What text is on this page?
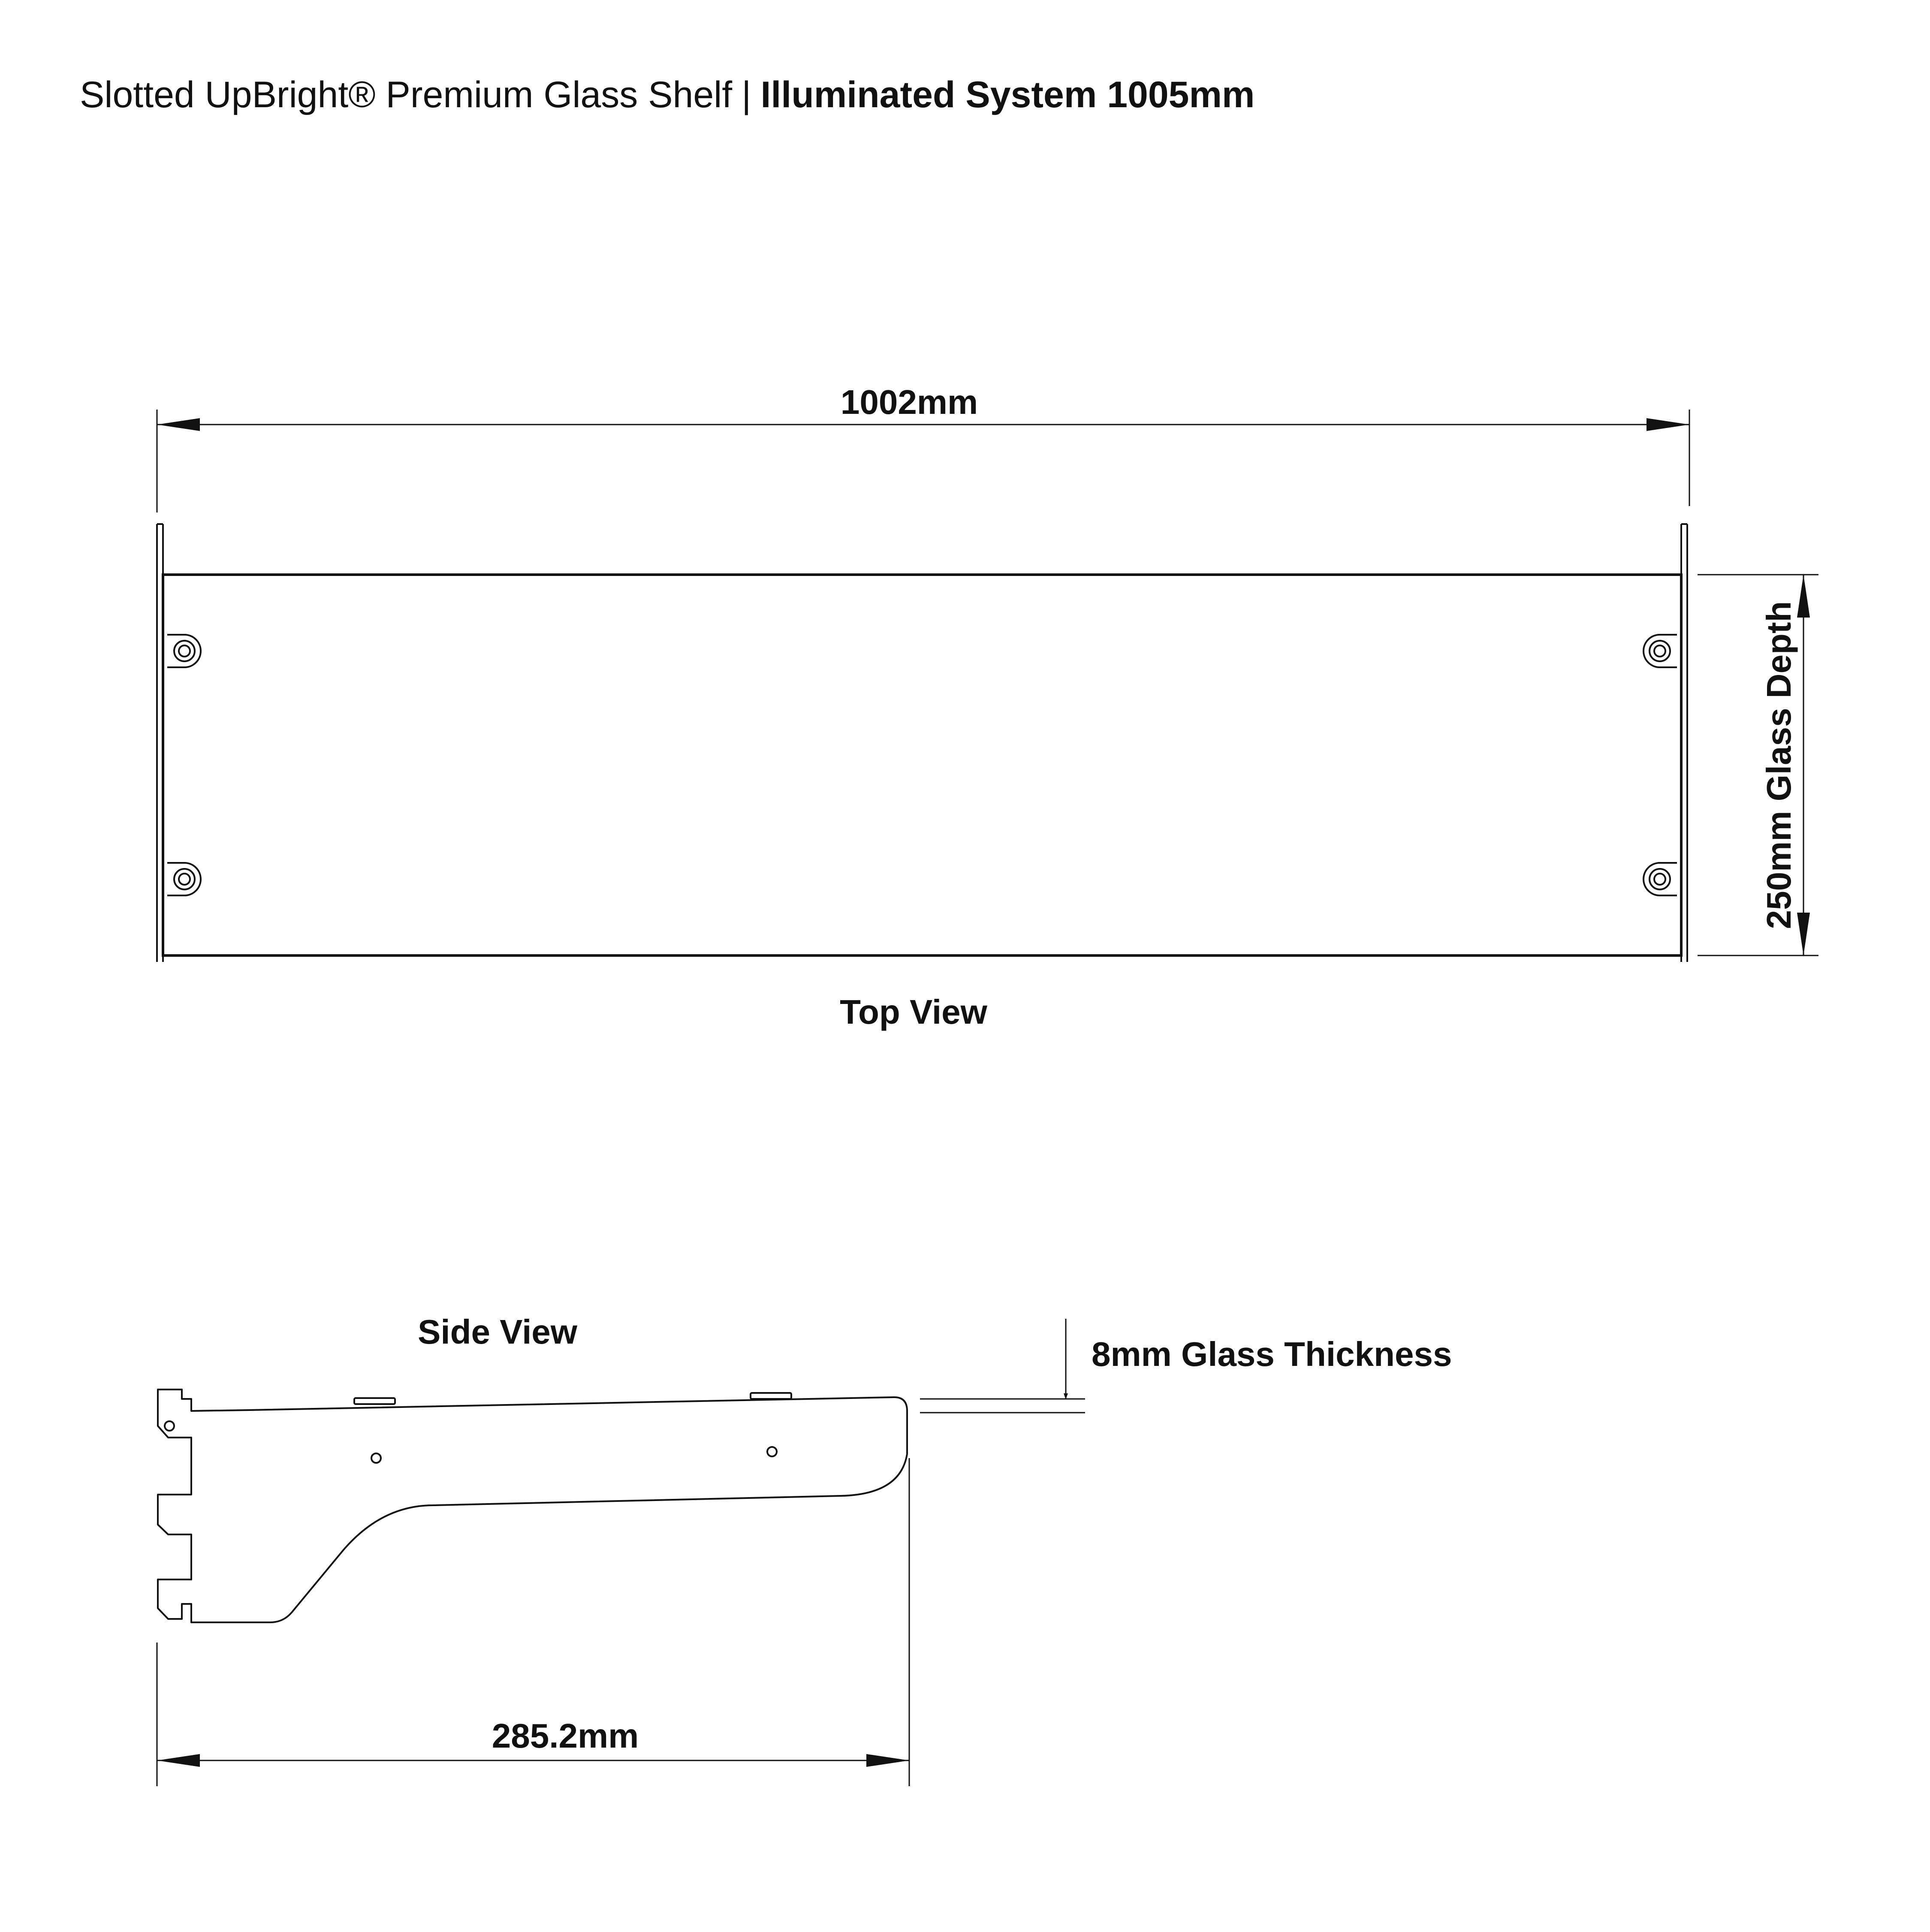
Slotted UpBright® Premium Glass Shelf | Illuminated System 1005mm
1002mm
250mm Glass Depth
Top View
Side View
8mm Glass Thickness
285.2mm
